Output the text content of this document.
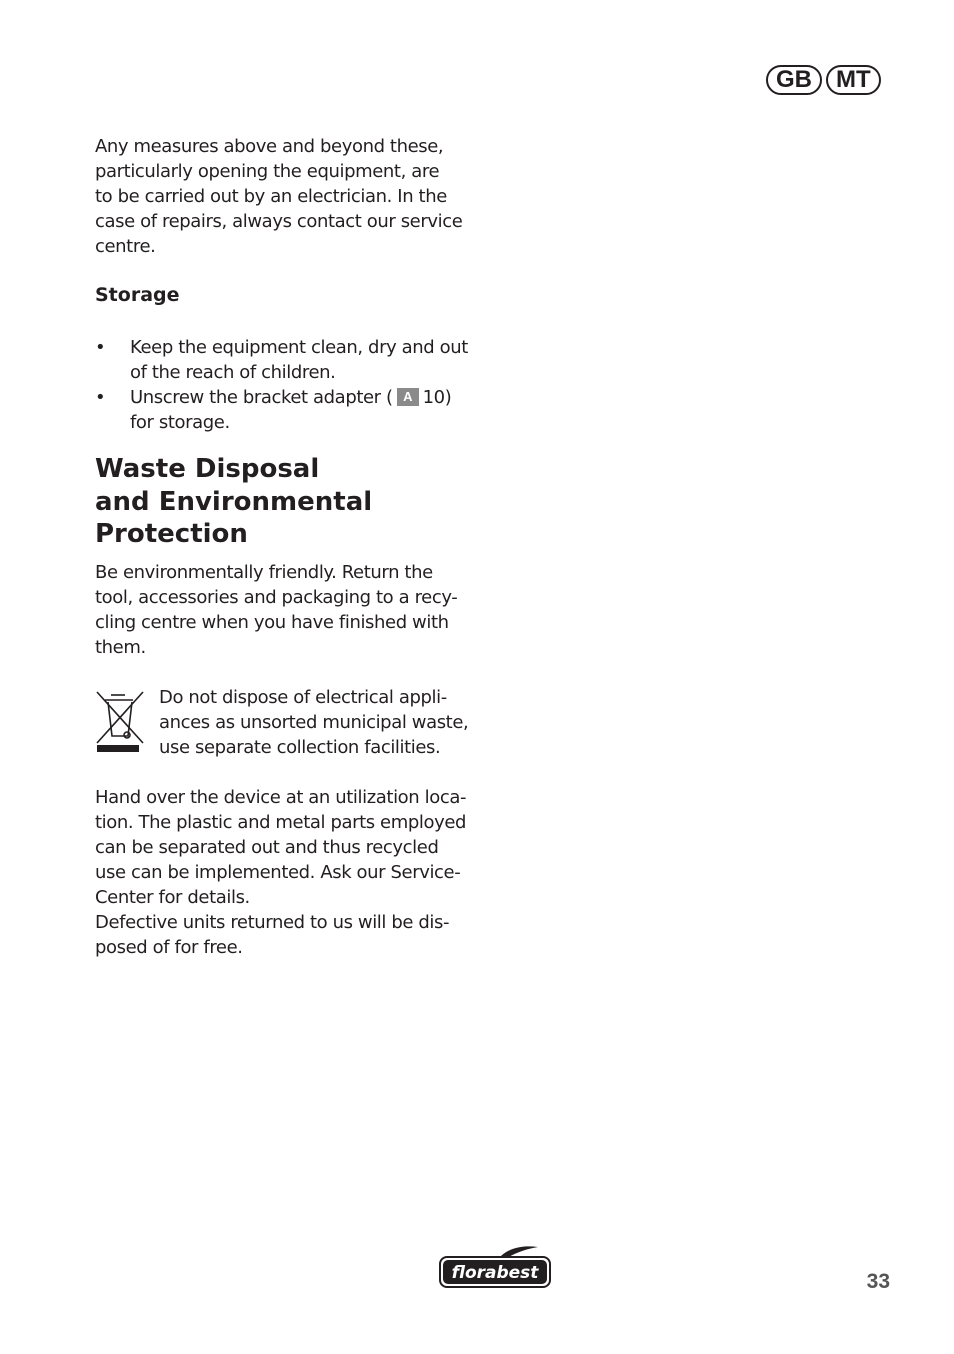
GB	MT

Any measures above and beyond these,

particularly opening the equipment, are

to be carried out by an electrician. In the

case of repairs, always contact our service

centre.

Storage
• Keep the equipment clean, dry and out
of the reach of children.
• Unscrew the bracket adapter ( A 10)
for storage.
Waste Disposal
and Environmental
Protection

Be environmentally friendly. Return the

tool, accessories and packaging to a recy-

cling centre when you have finished with

them.

Do not dispose of electrical appli-

ances as unsorted municipal waste,

use separate collection facilities.

Hand over the device at an utilization loca-

tion. The plastic and metal parts employed

can be separated out and thus recycled

use can be implemented. Ask our Service-

Center for details.

Defective units returned to us will be dis-

posed of for free.

florabest	33
